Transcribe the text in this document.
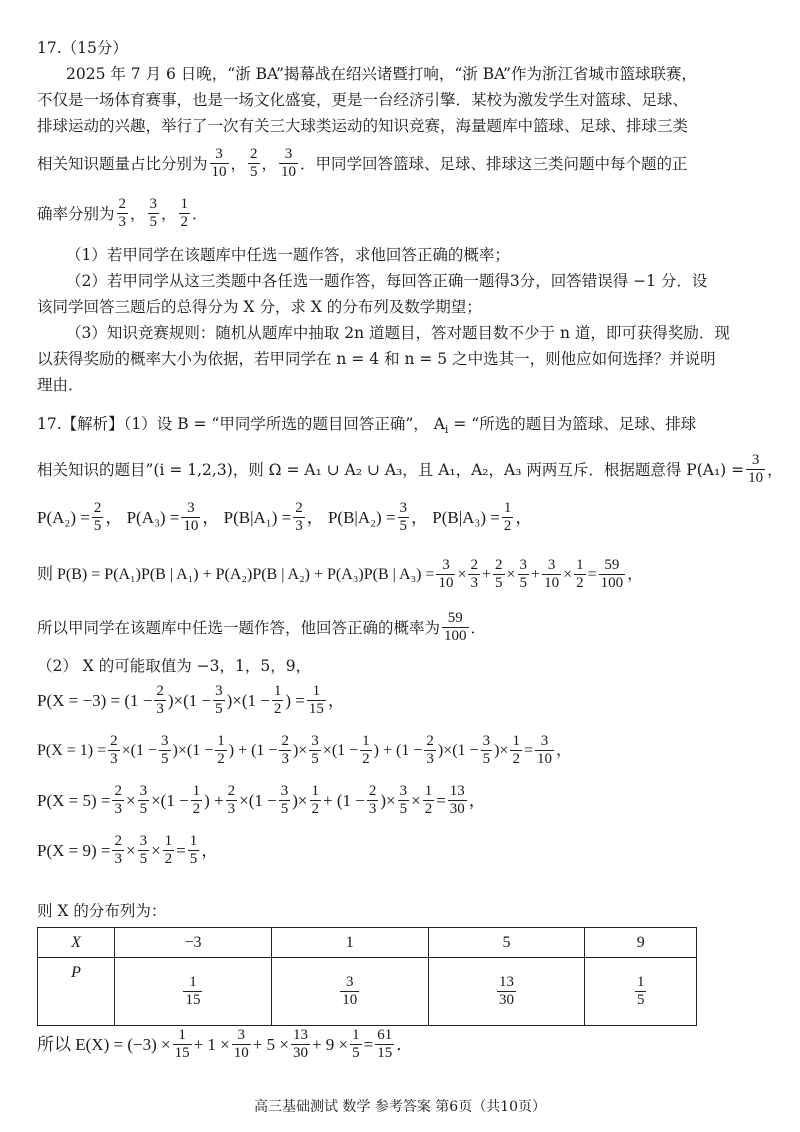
17.（15分）
2025 年 7 月 6 日晚，“浙 BA”揭幕战在绍兴诸暨打响，“浙 BA”作为浙江省城市篮球联赛，
不仅是一场体育赛事，也是一场文化盛宴，更是一台经济引擎．某校为激发学生对篮球、足球、
排球运动的兴趣，举行了一次有关三大球类运动的知识竞赛，海量题库中篮球、足球、排球三类
相关知识题量占比分别为 $\frac{3}{10}$ ， $\frac{2}{5}$ ， $\frac{3}{10}$ ．甲同学回答篮球、足球、排球这三类问题中每个题的正
确率分别为 $\frac{2}{3}$ ， $\frac{3}{5}$ ， $\frac{1}{2}$ ．
（1）若甲同学在该题库中任选一题作答，求他回答正确的概率；
（2）若甲同学从这三类题中各任选一题作答，每回答正确一题得3分，回答错误得 −1 分．设
该同学回答三题后的总得分为 X 分，求 X 的分布列及数学期望；
（3）知识竞赛规则：随机从题库中抽取 2n 道题目，答对题目数不少于 n 道，即可获得奖励．现
以获得奖励的概率大小为依据，若甲同学在 n = 4 和 n = 5 之中选其一，则他应如何选择？并说明
理由．
17.【解析】（1）设 B = “甲同学所选的题目回答正确”， $A_i$ = “所选的题目为篮球、足球、排球
相关知识的题目”(i = 1,2,3)，则 Ω = A₁ ∪ A₂ ∪ A₃，且 A₁，A₂，A₃ 两两互斥．根据题意得 $P(A_1) = \frac{3}{10}$ ，
$P(A_2) = \frac{2}{5}$ ， $P(A_3) = \frac{3}{10}$ ， $P(B|A_1) = \frac{2}{3}$ ， $P(B|A_2) = \frac{3}{5}$ ， $P(B|A_3) = \frac{1}{2}$ ，
则 P(B) = P(A₁)P(B | A₁) + P(A₂)P(B | A₂) + P(A₃)P(B | $A_3) = \frac{3}{10} \times \frac{2}{3} + \frac{2}{5} \times \frac{3}{5} + \frac{3}{10} \times \frac{1}{2} = \frac{59}{100}$ ，
所以甲同学在该题库中任选一题作答，他回答正确的概率为 $\frac{59}{100}$ ．
（2） X 的可能取值为 −3，1，5，9，
$P(X = -3) = (1 - \frac{2}{3} )\times(1 - \frac{3}{5} )\times(1 - \frac{1}{2}$ ) = $\frac{1}{15}$ ，
$P(X = 1) = \frac{2}{3} \times(1 - \frac{3}{5} )\times(1 - \frac{1}{2}$ ) + ($1 - \frac{2}{3}$ )× $\frac{3}{5} \times(1 - \frac{1}{2}$ ) + $(1 - \frac{2}{3} )\times(1 - \frac{3}{5}$ )× $\frac{1}{2} = \frac{3}{10}$ ，
$P(X = 5) = \frac{2}{3} \times \frac{3}{5} \times(1 - \frac{1}{2}$ ) + $\frac{2}{3} \times(1 - \frac{3}{5}$ )× $\frac{1}{2} + (1 - \frac{2}{3}$ )× $\frac{3}{5} \times \frac{1}{2} = \frac{13}{30}$ ，
$P(X = 9) = \frac{2}{3} \times \frac{3}{5} \times \frac{1}{2} = \frac{1}{5}$ ，
则 X 的分布列为：
X	−3	1	5	9
P	$\frac{1}{15}$	$\frac{3}{10}$	$\frac{13}{30}$	$\frac{1}{5}$
所以 $E(X) = (-3) \times \frac{1}{15} + 1 \times \frac{3}{10} + 5 \times \frac{13}{30} + 9 \times \frac{1}{5} = \frac{61}{15}$ ．
高三基础测试 数学 参考答案 第6页（共10页）
